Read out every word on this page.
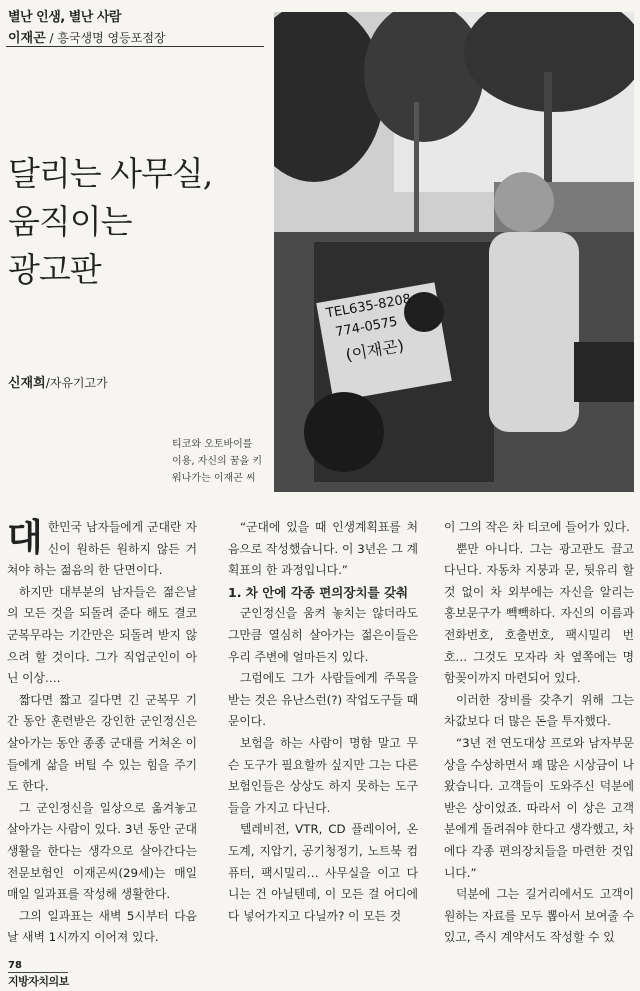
별난 인생, 별난 사람
이재곤 / 흥국생명 영등포점장
달리는 사무실,
움직이는
광고판
신재희/자유기고가
TEL635-8208
774-0575
(이재곤)
티코와 오토바이를
이용, 자신의 꿈을 키
워나가는 이재곤 씨

대한민국 남자들에게 군대란 자신이 원하든 원하지 않든 거쳐야 하는 젊음의 한 단면이다.

하지만 대부분의 남자들은 젊은날의 모든 것을 되돌려 준다 해도 결코 군복무라는 기간만은 되돌려 받지 않으려 할 것이다. 그가 직업군인이 아닌 이상….

짧다면 짧고 길다면 긴 군복무 기간 동안 훈련받은 강인한 군인정신은 살아가는 동안 종종 군대를 거쳐온 이들에게 삶을 버틸 수 있는 힘을 주기도 한다.

그 군인정신을 일상으로 옮겨놓고 살아가는 사람이 있다. 3년 동안 군대생활을 한다는 생각으로 살아간다는 전문보험인 이재곤씨(29세)는 매일매일 일과표를 작성해 생활한다.

그의 일과표는 새벽 5시부터 다음날 새벽 1시까지 이어져 있다.

“군대에 있을 때 인생계획표를 처음으로 작성했습니다. 이 3년은 그 계획표의 한 과정입니다.”

1. 차 안에 각종 편의장치를 갖춰

군인정신을 움켜 놓치는 않더라도 그만큼 열심히 살아가는 젊은이들은 우리 주변에 얼마든지 있다.

그럼에도 그가 사람들에게 주목을 받는 것은 유난스런(?) 작업도구들 때문이다.

보험을 하는 사람이 명함 말고 무슨 도구가 필요할까 싶지만 그는 다른 보험인들은 상상도 하지 못하는 도구들을 가지고 다닌다.

텔레비전, VTR, CD 플레이어, 온도계, 지압기, 공기청정기, 노트북 컴퓨터, 팩시밀리… 사무실을 이고 다니는 건 아닐텐데, 이 모든 걸 어디에다 넣어가지고 다닐까? 이 모든 것

이 그의 작은 차 티코에 들어가 있다.

뿐만 아니다. 그는 광고판도 끌고 다닌다. 자동차 지붕과 문, 뒷유리 할 것 없이 차 외부에는 자신을 알리는 홍보문구가 빽빽하다. 자신의 이름과 전화번호, 호출번호, 팩시밀리 번호… 그것도 모자라 차 옆쪽에는 명함꽂이까지 마련되어 있다.

이러한 장비를 갖추기 위해 그는 차값보다 더 많은 돈을 투자했다.

“3년 전 연도대상 프로와 남자부문상을 수상하면서 꽤 많은 시상금이 나왔습니다. 고객들이 도와주신 덕분에 받은 상이었죠. 따라서 이 상은 고객분에게 돌려줘야 한다고 생각했고, 차에다 각종 편의장치들을 마련한 것입니다.”

덕분에 그는 길거리에서도 고객이 원하는 자료를 모두 뽑아서 보여줄 수 있고, 즉시 계약서도 작성할 수 있

78
지방자치의보
